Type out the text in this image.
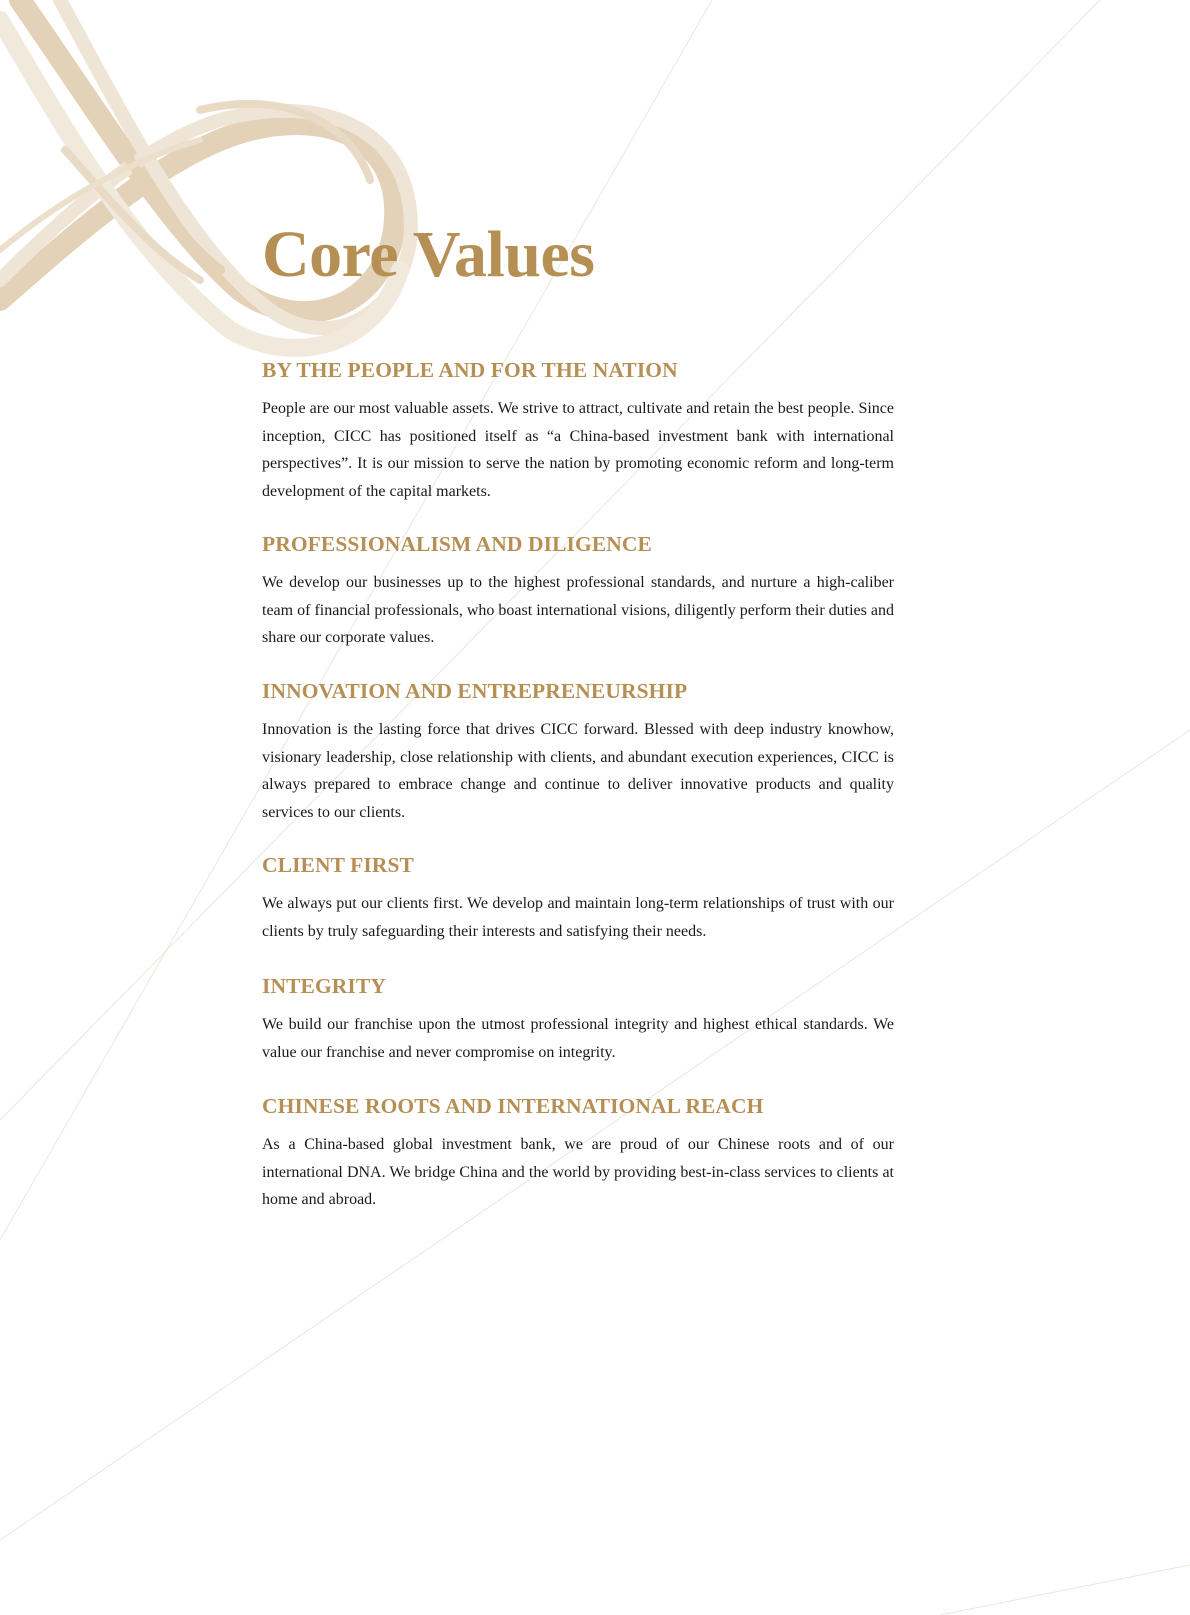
Core Values
BY THE PEOPLE AND FOR THE NATION

People are our most valuable assets. We strive to attract, cultivate and retain the best people. Since inception, CICC has positioned itself as “a China-based investment bank with international perspectives”. It is our mission to serve the nation by promoting economic reform and long-term development of the capital markets.

PROFESSIONALISM AND DILIGENCE

We develop our businesses up to the highest professional standards, and nurture a high-caliber team of financial professionals, who boast international visions, diligently perform their duties and share our corporate values.

INNOVATION AND ENTREPRENEURSHIP

Innovation is the lasting force that drives CICC forward. Blessed with deep industry knowhow, visionary leadership, close relationship with clients, and abundant execution experiences, CICC is always prepared to embrace change and continue to deliver innovative products and quality services to our clients.

CLIENT FIRST

We always put our clients first. We develop and maintain long-term relationships of trust with our clients by truly safeguarding their interests and satisfying their needs.

INTEGRITY

We build our franchise upon the utmost professional integrity and highest ethical standards. We value our franchise and never compromise on integrity.

CHINESE ROOTS AND INTERNATIONAL REACH

As a China-based global investment bank, we are proud of our Chinese roots and of our international DNA. We bridge China and the world by providing best-in-class services to clients at home and abroad.
